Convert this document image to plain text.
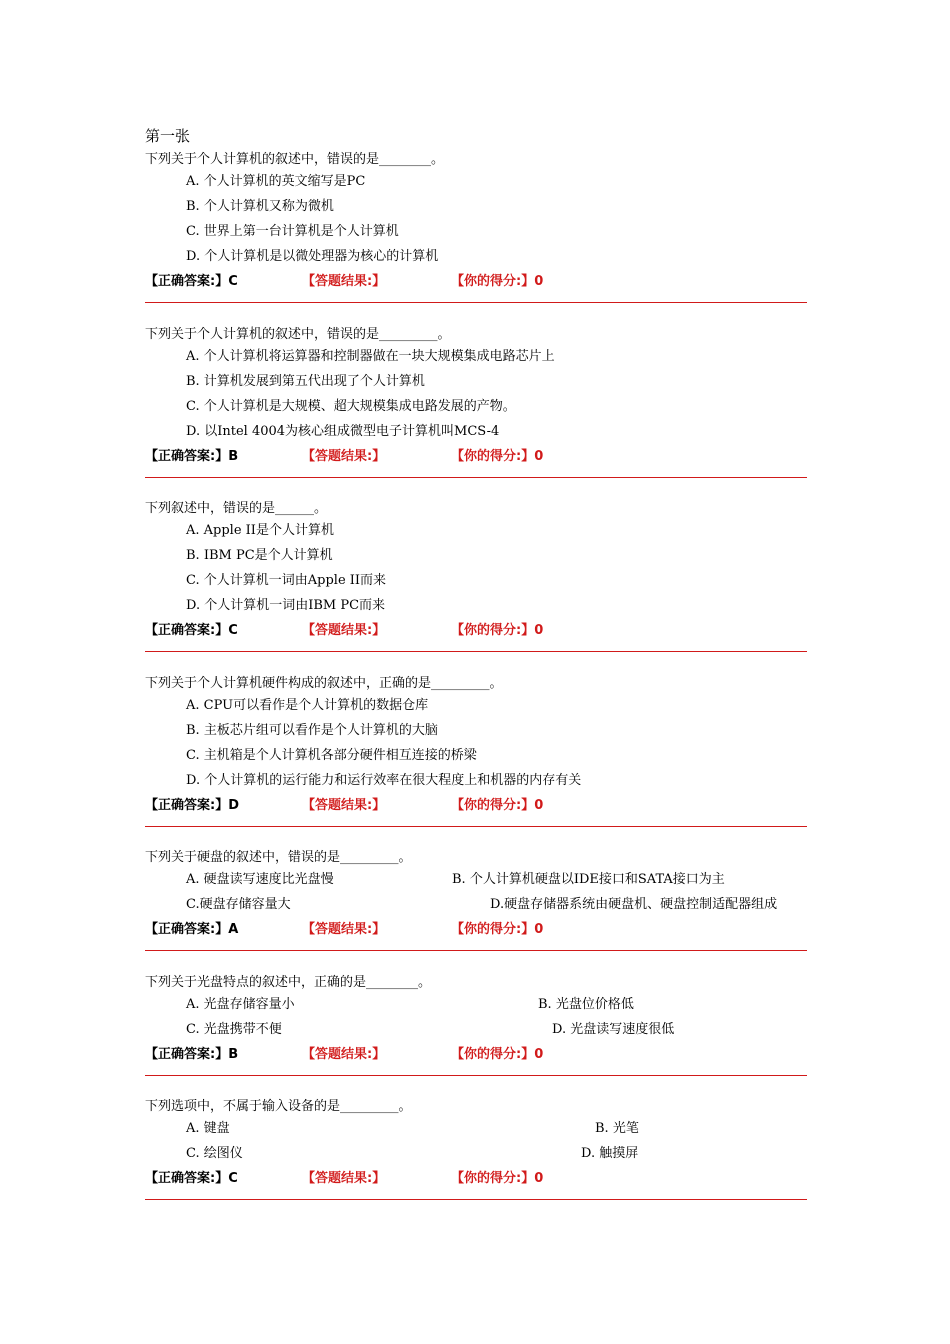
第一张
下列关于个人计算机的叙述中，错误的是________。
A. 个人计算机的英文缩写是PC
B. 个人计算机又称为微机
C. 世界上第一台计算机是个人计算机
D. 个人计算机是以微处理器为核心的计算机
【正确答案:】C	【答题结果:】	【你的得分:】0
下列关于个人计算机的叙述中，错误的是_________。
A. 个人计算机将运算器和控制器做在一块大规模集成电路芯片上
B. 计算机发展到第五代出现了个人计算机
C. 个人计算机是大规模、超大规模集成电路发展的产物。
D. 以Intel 4004为核心组成微型电子计算机叫MCS-4
【正确答案:】B	【答题结果:】	【你的得分:】0
下列叙述中，错误的是______。
A. Apple II是个人计算机
B. IBM PC是个人计算机
C. 个人计算机一词由Apple II而来
D. 个人计算机一词由IBM PC而来
【正确答案:】C	【答题结果:】	【你的得分:】0
下列关于个人计算机硬件构成的叙述中，正确的是_________。
A. CPU可以看作是个人计算机的数据仓库
B. 主板芯片组可以看作是个人计算机的大脑
C. 主机箱是个人计算机各部分硬件相互连接的桥梁
D. 个人计算机的运行能力和运行效率在很大程度上和机器的内存有关
【正确答案:】D	【答题结果:】	【你的得分:】0
下列关于硬盘的叙述中，错误的是_________。
A. 硬盘读写速度比光盘慢	B. 个人计算机硬盘以IDE接口和SATA接口为主
C.硬盘存储容量大	D.硬盘存储器系统由硬盘机、硬盘控制适配器组成
【正确答案:】A	【答题结果:】	【你的得分:】0
下列关于光盘特点的叙述中，正确的是________。
A. 光盘存储容量小	B. 光盘位价格低
C. 光盘携带不便	D. 光盘读写速度很低
【正确答案:】B	【答题结果:】	【你的得分:】0
下列选项中，不属于输入设备的是_________。
A. 键盘	B. 光笔
C. 绘图仪	D. 触摸屏
【正确答案:】C	【答题结果:】	【你的得分:】0
